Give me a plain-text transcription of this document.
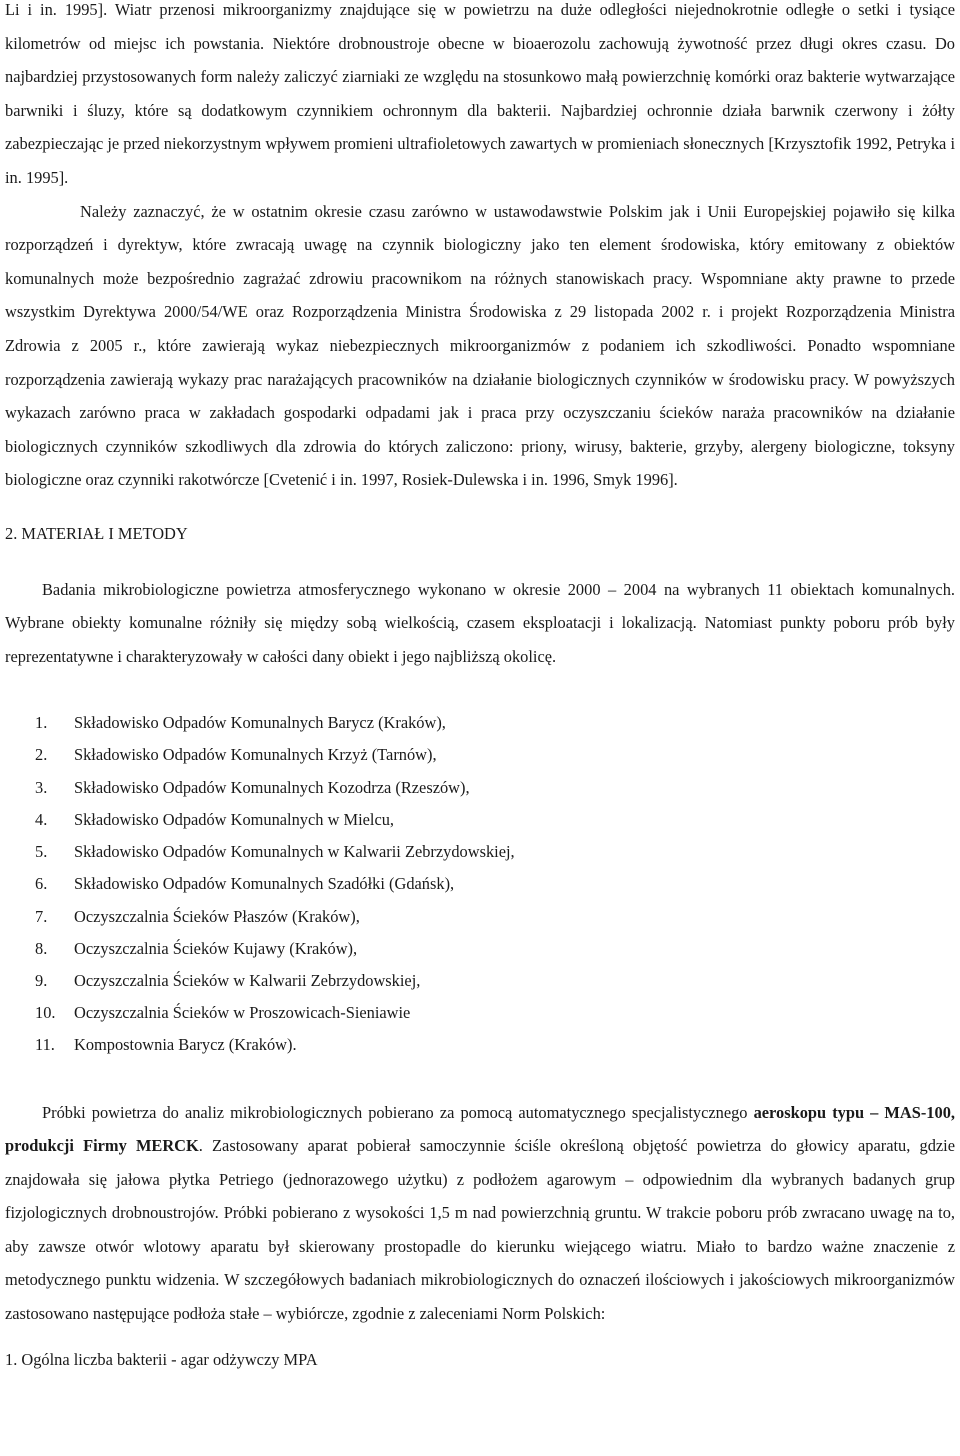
Li i in. 1995]. Wiatr przenosi mikroorganizmy znajdujące się w powietrzu na duże odległości niejednokrotnie odległe o setki i tysiące kilometrów od miejsc ich powstania. Niektóre drobnoustroje obecne w bioaerozolu zachowują żywotność przez długi okres czasu. Do najbardziej przystosowanych form należy zaliczyć ziarniaki ze względu na stosunkowo małą powierzchnię komórki oraz bakterie wytwarzające barwniki i śluzy, które są dodatkowym czynnikiem ochronnym dla bakterii. Najbardziej ochronnie działa barwnik czerwony i żółty zabezpieczając je przed niekorzystnym wpływem promieni ultrafioletowych zawartych w promieniach słonecznych [Krzysztofik 1992, Petryka i in. 1995].

Należy zaznaczyć, że w ostatnim okresie czasu zarówno w ustawodawstwie Polskim jak i Unii Europejskiej pojawiło się kilka rozporządzeń i dyrektyw, które zwracają uwagę na czynnik biologiczny jako ten element środowiska, który emitowany z obiektów komunalnych może bezpośrednio zagrażać zdrowiu pracownikom na różnych stanowiskach pracy. Wspomniane akty prawne to przede wszystkim Dyrektywa 2000/54/WE oraz Rozporządzenia Ministra Środowiska z 29 listopada 2002 r. i projekt Rozporządzenia Ministra Zdrowia z 2005 r., które zawierają wykaz niebezpiecznych mikroorganizmów z podaniem ich szkodliwości. Ponadto wspomniane rozporządzenia zawierają wykazy prac narażających pracowników na działanie biologicznych czynników w środowisku pracy. W powyższych wykazach zarówno praca w zakładach gospodarki odpadami jak i praca przy oczyszczaniu ścieków naraża pracowników na działanie biologicznych czynników szkodliwych dla zdrowia do których zaliczono: priony, wirusy, bakterie, grzyby, alergeny biologiczne, toksyny biologiczne oraz czynniki rakotwórcze [Cvetenić i in. 1997, Rosiek-Dulewska i in. 1996, Smyk 1996].

2. MATERIAŁ I METODY

Badania mikrobiologiczne powietrza atmosferycznego wykonano w okresie 2000 – 2004 na wybranych 11 obiektach komunalnych. Wybrane obiekty komunalne różniły się między sobą wielkością, czasem eksploatacji i lokalizacją. Natomiast punkty poboru prób były reprezentatywne i charakteryzowały w całości dany obiekt i jego najbliższą okolicę.

1.	Składowisko Odpadów Komunalnych Barycz (Kraków),
2.	Składowisko Odpadów Komunalnych Krzyż (Tarnów),
3.	Składowisko Odpadów Komunalnych Kozodrza (Rzeszów),
4.	Składowisko Odpadów Komunalnych w Mielcu,
5.	Składowisko Odpadów Komunalnych w Kalwarii Zebrzydowskiej,
6.	Składowisko Odpadów Komunalnych Szadółki (Gdańsk),
7.	Oczyszczalnia Ścieków Płaszów (Kraków),
8.	Oczyszczalnia Ścieków Kujawy (Kraków),
9.	Oczyszczalnia Ścieków w Kalwarii Zebrzydowskiej,
10.	Oczyszczalnia Ścieków w Proszowicach-Sieniawie
11.	Kompostownia Barycz (Kraków).

Próbki powietrza do analiz mikrobiologicznych pobierano za pomocą automatycznego specjalistycznego aeroskopu typu – MAS-100, produkcji Firmy MERCK. Zastosowany aparat pobierał samoczynnie ściśle określoną objętość powietrza do głowicy aparatu, gdzie znajdowała się jałowa płytka Petriego (jednorazowego użytku) z podłożem agarowym – odpowiednim dla wybranych badanych grup fizjologicznych drobnoustrojów. Próbki pobierano z wysokości 1,5 m nad powierzchnią gruntu. W trakcie poboru prób zwracano uwagę na to, aby zawsze otwór wlotowy aparatu był skierowany prostopadle do kierunku wiejącego wiatru. Miało to bardzo ważne znaczenie z metodycznego punktu widzenia. W szczegółowych badaniach mikrobiologicznych do oznaczeń ilościowych i jakościowych mikroorganizmów zastosowano następujące podłoża stałe – wybiórcze, zgodnie z zaleceniami Norm Polskich:

1. Ogólna liczba bakterii - agar odżywczy MPA
